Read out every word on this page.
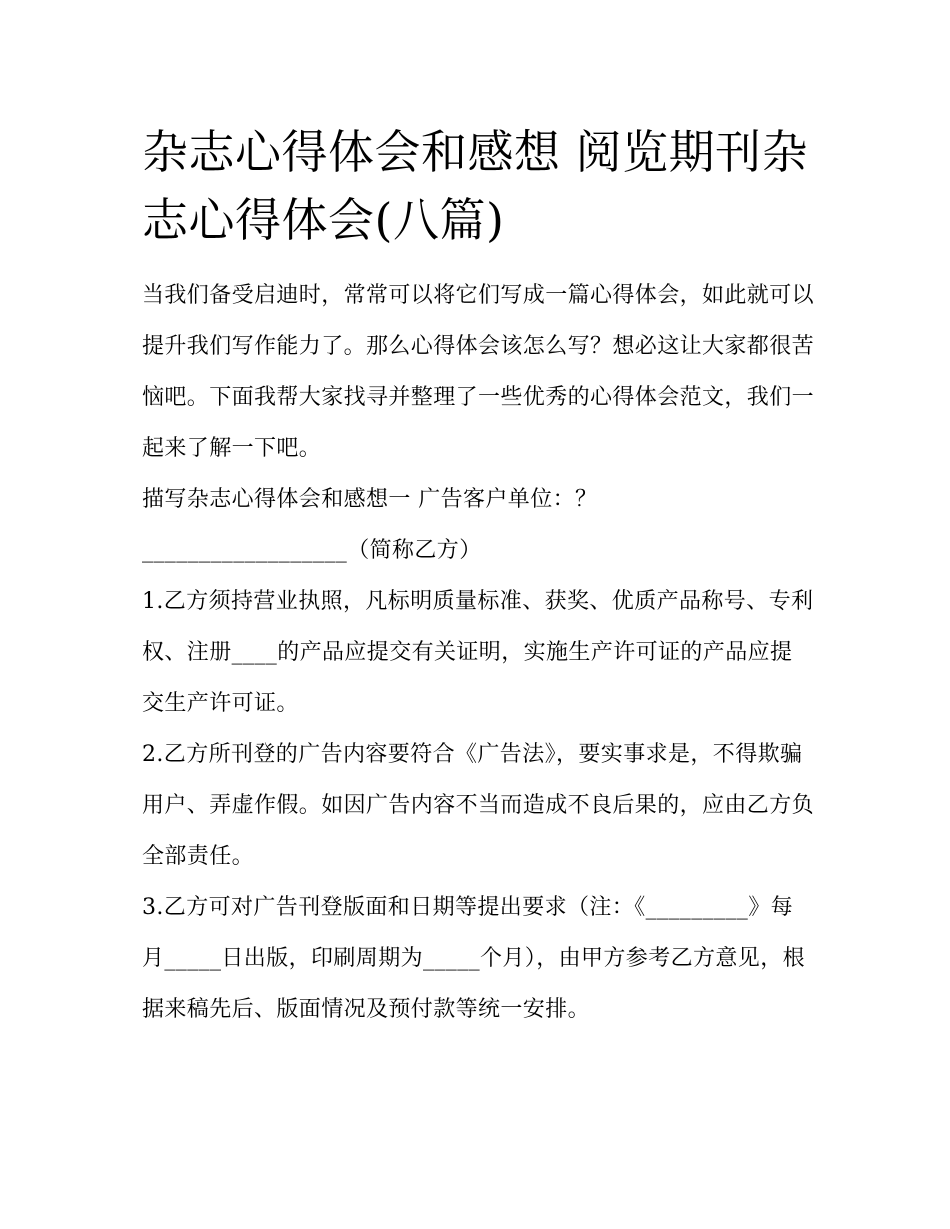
杂志心得体会和感想 阅览期刊杂志心得体会(八篇)

当我们备受启迪时，常常可以将它们写成一篇心得体会，如此就可以提升我们写作能力了。那么心得体会该怎么写？想必这让大家都很苦恼吧。下面我帮大家找寻并整理了一些优秀的心得体会范文，我们一起来了解一下吧。

描写杂志心得体会和感想一 广告客户单位：？

__________________（简称乙方）

1.乙方须持营业执照，凡标明质量标准、获奖、优质产品称号、专利权、注册____的产品应提交有关证明，实施生产许可证的产品应提交生产许可证。

2.乙方所刊登的广告内容要符合《广告法》，要实事求是，不得欺骗用户、弄虚作假。如因广告内容不当而造成不良后果的，应由乙方负全部责任。

3.乙方可对广告刊登版面和日期等提出要求（注：《_________》每月_____日出版，印刷周期为_____个月），由甲方参考乙方意见，根据来稿先后、版面情况及预付款等统一安排。
